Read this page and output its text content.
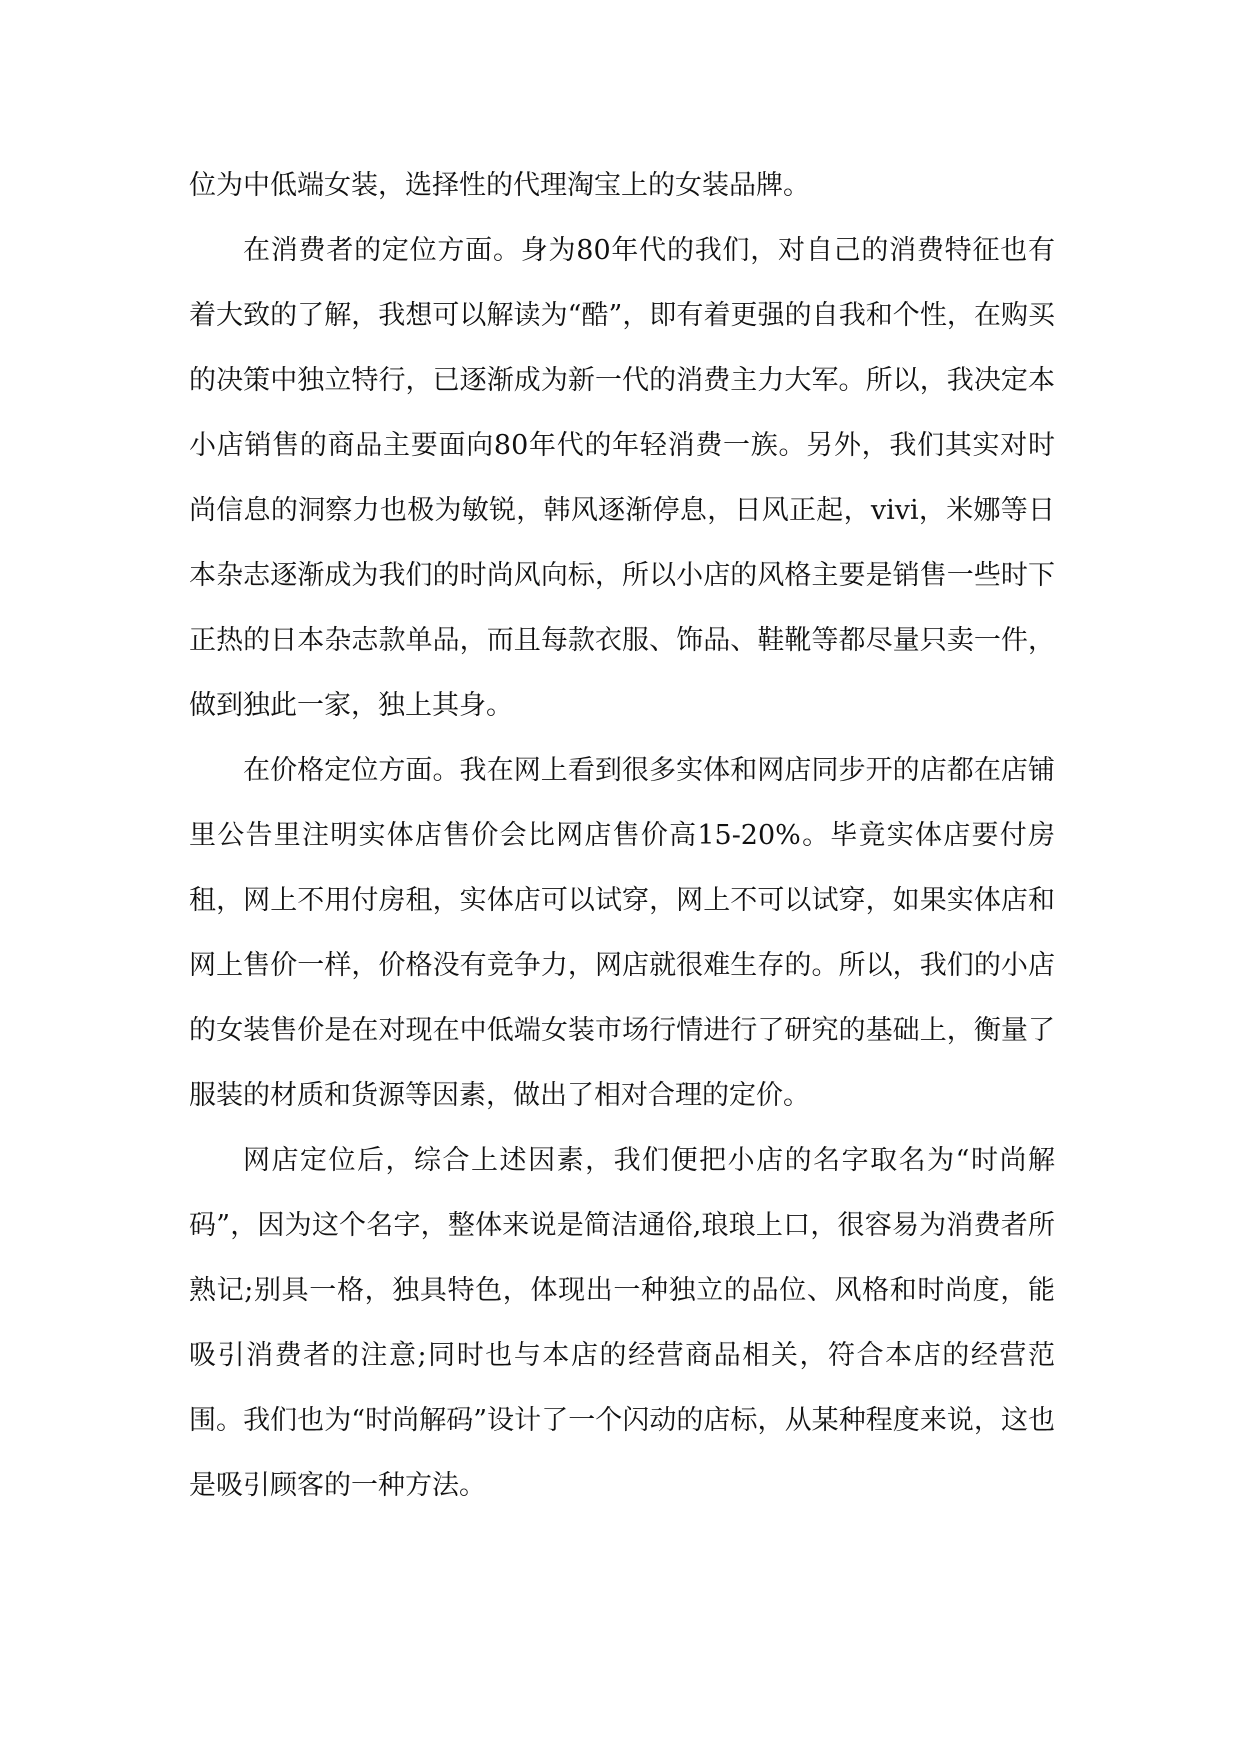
位为中低端女装，选择性的代理淘宝上的女装品牌。

在消费者的定位方面。身为80年代的我们，对自己的消费特征也有着大致的了解，我想可以解读为“酷”，即有着更强的自我和个性，在购买的决策中独立特行，已逐渐成为新一代的消费主力大军。所以，我决定本小店销售的商品主要面向80年代的年轻消费一族。另外，我们其实对时尚信息的洞察力也极为敏锐，韩风逐渐停息，日风正起，vivi，米娜等日本杂志逐渐成为我们的时尚风向标，所以小店的风格主要是销售一些时下正热的日本杂志款单品，而且每款衣服、饰品、鞋靴等都尽量只卖一件，做到独此一家，独上其身。

在价格定位方面。我在网上看到很多实体和网店同步开的店都在店铺里公告里注明实体店售价会比网店售价高15-20%。毕竟实体店要付房租，网上不用付房租，实体店可以试穿，网上不可以试穿，如果实体店和网上售价一样，价格没有竞争力，网店就很难生存的。所以，我们的小店的女装售价是在对现在中低端女装市场行情进行了研究的基础上，衡量了服装的材质和货源等因素，做出了相对合理的定价。

网店定位后，综合上述因素，我们便把小店的名字取名为“时尚解码”，因为这个名字，整体来说是简洁通俗,琅琅上口，很容易为消费者所熟记;别具一格，独具特色，体现出一种独立的品位、风格和时尚度，能吸引消费者的注意;同时也与本店的经营商品相关，符合本店的经营范围。我们也为“时尚解码”设计了一个闪动的店标，从某种程度来说，这也是吸引顾客的一种方法。
